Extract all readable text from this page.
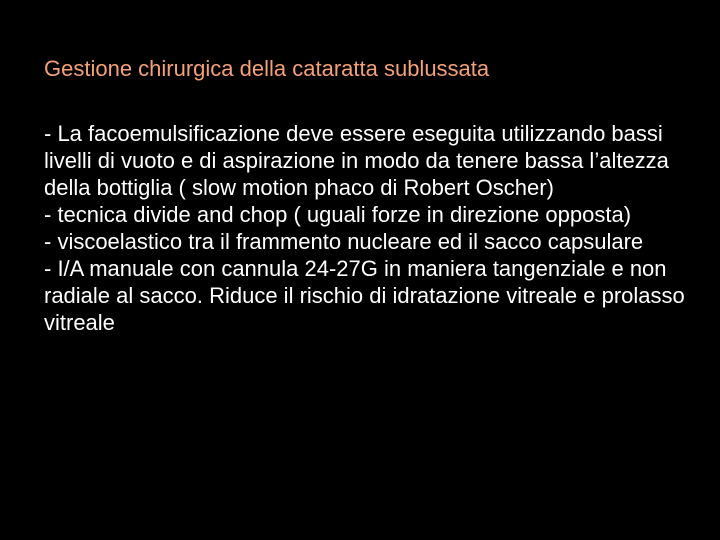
Gestione chirurgica della cataratta sublussata

- La facoemulsificazione deve essere eseguita utilizzando bassi livelli di vuoto e di aspirazione in modo da tenere bassa l’altezza della bottiglia ( slow motion phaco di Robert Oscher)

- tecnica divide and chop ( uguali forze in direzione opposta)

- viscoelastico tra il frammento nucleare ed il sacco capsulare

- I/A manuale con cannula 24-27G in maniera tangenziale e non radiale al sacco. Riduce il rischio di idratazione vitreale e prolasso vitreale
